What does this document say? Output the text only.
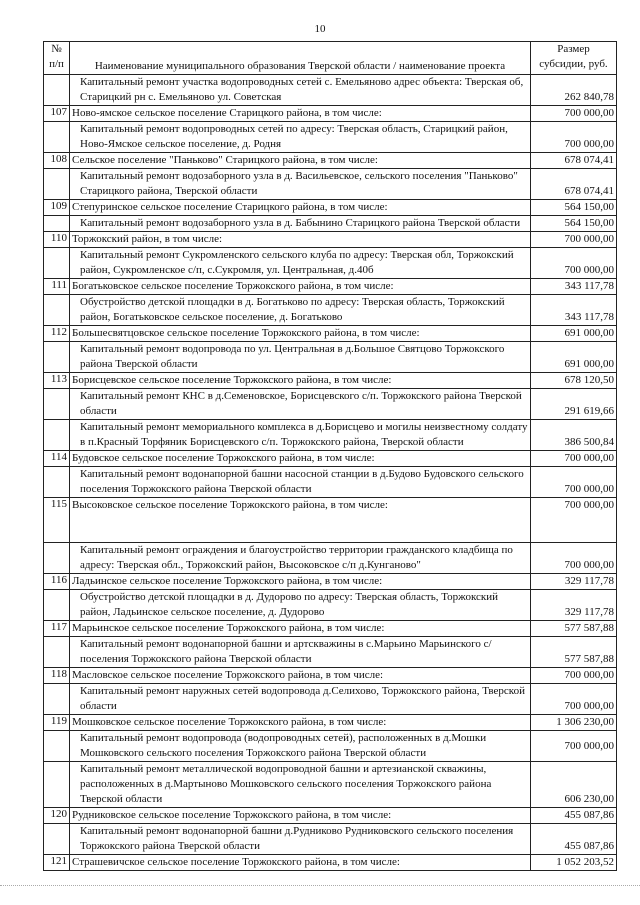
10
№
п/п	Наименование муниципального образования Тверской области / наименование проекта	Размер
субсидии, руб.
	Капитальный ремонт участка водопроводных сетей с. Емельяново адрес объекта: Тверская об, Старицкий рн с. Емельяново ул. Советская	262 840,78
107	Ново-ямское сельское поселение Старицкого района, в том числе:	700 000,00
	Капитальный ремонт водопроводных сетей по адресу: Тверская область, Старицкий район, Ново-Ямское сельское поселение, д. Родня	700 000,00
108	Сельское поселение "Паньково" Старицкого района, в том числе:	678 074,41
	Капитальный ремонт водозаборного узла в д. Васильевское, сельского поселения "Паньково" Старицкого района, Тверской области	678 074,41
109	Степуринское сельское поселение Старицкого района, в том числе:	564 150,00
	Капитальный ремонт водозаборного узла в д. Бабынино Старицкого района Тверской области	564 150,00
110	Торжокский район, в том числе:	700 000,00
	Капитальный ремонт Сукромленского сельского клуба по адресу: Тверская обл, Торжокский район, Сукромленское с/п, с.Сукромля, ул. Центральная, д.40б	700 000,00
111	Богатьковское сельское поселение Торжокского района, в том числе:	343 117,78
	Обустройство детской площадки в д. Богатьково по адресу: Тверская область, Торжокский район, Богатьковское сельское поселение, д. Богатьково	343 117,78
112	Большесвятцовское сельское поселение Торжокского района, в том числе:	691 000,00
	Капитальный ремонт водопровода по ул. Центральная в д.Большое Святцово Торжокского района Тверской области	691 000,00
113	Борисцевское сельское поселение Торжокского района, в том числе:	678 120,50
	Капитальный ремонт КНС в д.Семеновское, Борисцевского с/п. Торжокского района Тверской области	291 619,66
	Капитальный ремонт мемориального комплекса в д.Борисцево и могилы неизвестному солдату в п.Красный Торфяник Борисцевского с/п. Торжокского района, Тверской области	386 500,84
114	Будовское сельское поселение Торжокского района, в том числе:	700 000,00
	Капитальный ремонт водонапорной башни насосной станции в д.Будово Будовского сельского поселения Торжокского района Тверской области	700 000,00
115	Высоковское сельское поселение Торжокского района, в том числе:	700 000,00
	Капитальный ремонт ограждения и благоустройство территории гражданского кладбища по адресу: Тверская обл., Торжокский район, Высоковское с/п д.Кунганово"	700 000,00
116	Ладьинское сельское поселение Торжокского района, в том числе:	329 117,78
	Обустройство детской площадки в д. Дудорово по адресу: Тверская область, Торжокский район, Ладьинское сельское поселение, д. Дудорово	329 117,78
117	Марьинское сельское поселение Торжокского района, в том числе:	577 587,88
	Капитальный ремонт водонапорной башни и артскважины в с.Марьино Марьинского с/поселения Торжокского района Тверской области	577 587,88
118	Масловское сельское поселение Торжокского района, в том числе:	700 000,00
	Капитальный ремонт наружных сетей водопровода д.Селихово, Торжокского района, Тверской области	700 000,00
119	Мошковское сельское поселение Торжокского района, в том числе:	1 306 230,00
	Капитальный ремонт водопровода (водопроводных сетей), расположенных в д.Мошки Мошковского сельского поселения Торжокского района Тверской области	700 000,00
	Капитальный ремонт металлической водопроводной башни и артезианской скважины, расположенных в д.Мартыново Мошковского сельского поселения Торжокского района Тверской области	606 230,00
120	Рудниковское сельское поселение Торжокского района, в том числе:	455 087,86
	Капитальный ремонт водонапорной башни д.Рудниково Рудниковского сельского поселения Торжокского района Тверской области	455 087,86
121	Страшевичское сельское поселение Торжокского района, в том числе:	1 052 203,52
